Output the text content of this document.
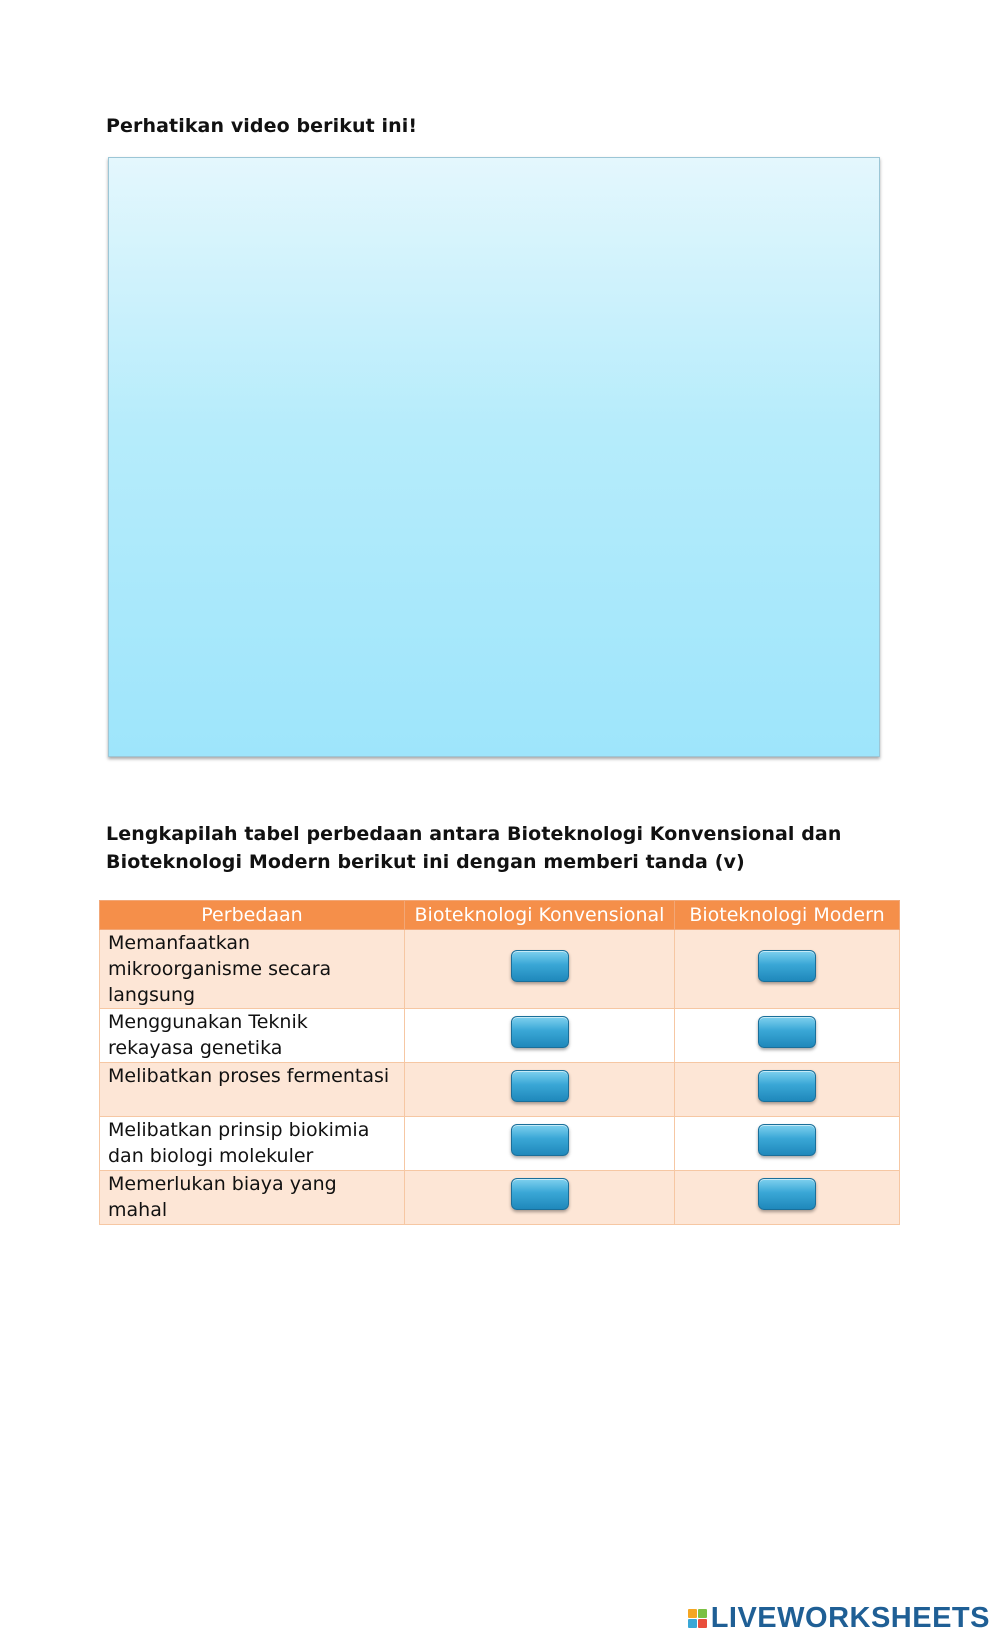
Perhatikan video berikut ini!
Lengkapilah tabel perbedaan antara Bioteknologi Konvensional dan Bioteknologi Modern berikut ini dengan memberi tanda (v)
Perbedaan	Bioteknologi Konvensional	Bioteknologi Modern
Memanfaatkan mikroorganisme secara langsung		
Menggunakan Teknik rekayasa genetika		
Melibatkan proses fermentasi		
Melibatkan prinsip biokimia dan biologi molekuler		
Memerlukan biaya yang mahal		
LIVEWORKSHEETS
